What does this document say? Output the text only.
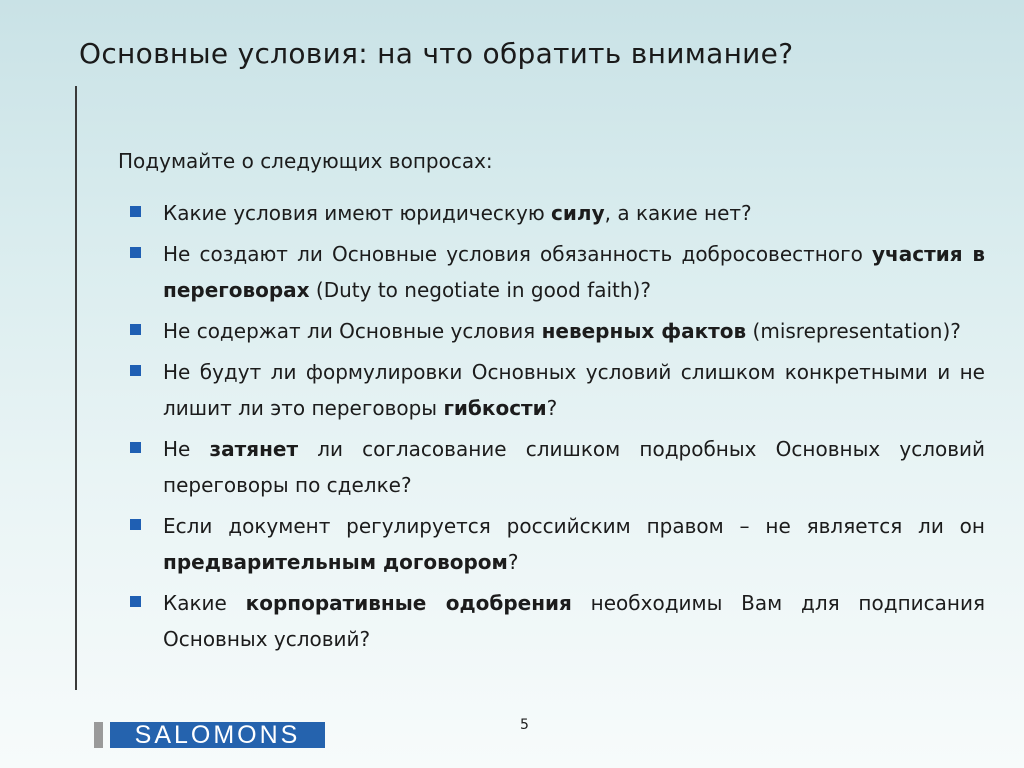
Основные условия: на что обратить внимание?
Подумайте о следующих вопросах:
Какие условия имеют юридическую силу, а какие нет?
Не создают ли Основные условия обязанность добросовестного участия в переговорах (Duty to negotiate in good faith)?
Не содержат ли Основные условия неверных фактов (misrepresentation)?
Не будут ли формулировки Основных условий слишком конкретными и не лишит ли это переговоры гибкости?
Не затянет ли согласование слишком подробных Основных условий переговоры по сделке?
Если документ регулируется российским правом – не является ли он предварительным договором?
Какие корпоративные одобрения необходимы Вам для подписания Основных условий?
SALOMONS	5
